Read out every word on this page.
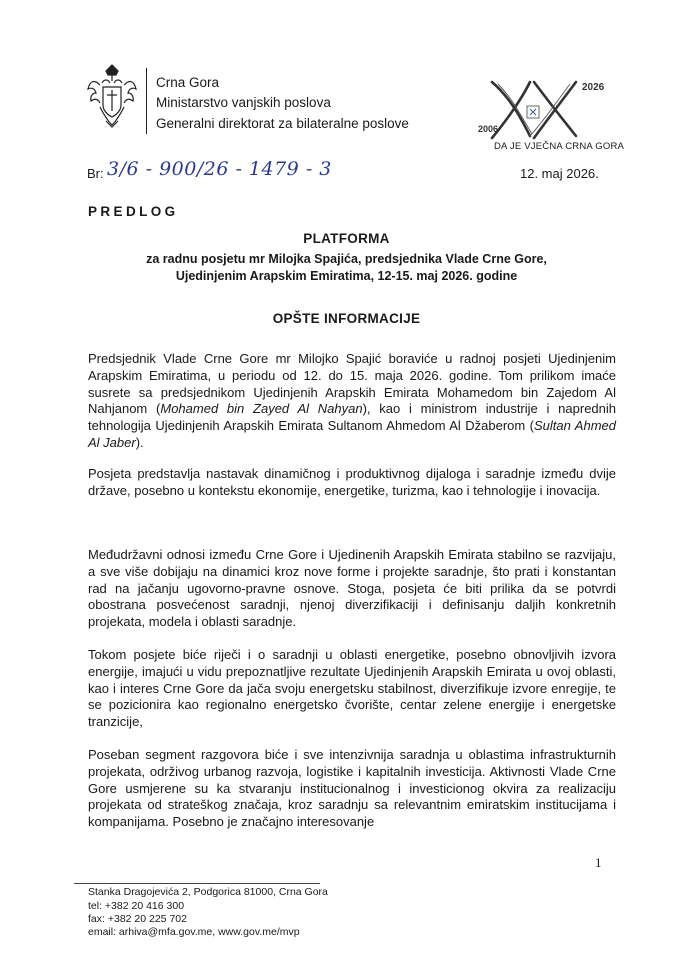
Crna Gora
Ministarstvo vanjskih poslova
Generalni direktorat za bilateralne poslove
2026
2006
DA JE VJEČNA CRNA GORA
Br: 3/6 - 900/26 - 1479 - 3	12. maj 2026.
PREDLOG
PLATFORMA
za radnu posjetu mr Milojka Spajića, predsjednika Vlade Crne Gore,
Ujedinjenim Arapskim Emiratima, 12-15. maj 2026. godine
OPŠTE INFORMACIJE
Predsjednik Vlade Crne Gore mr Milojko Spajić boraviće u radnoj posjeti Ujedinjenim Arapskim Emiratima, u periodu od 12. do 15. maja 2026. godine. Tom prilikom imaće susrete sa predsjednikom Ujedinjenih Arapskih Emirata Mohamedom bin Zajedom Al Nahjanom (Mohamed bin Zayed Al Nahyan), kao i ministrom industrije i naprednih tehnologija Ujedinjenih Arapskih Emirata Sultanom Ahmedom Al Džaberom (Sultan Ahmed Al Jaber).
Posjeta predstavlja nastavak dinamičnog i produktivnog dijaloga i saradnje između dvije države, posebno u kontekstu ekonomije, energetike, turizma, kao i tehnologije i inovacija.
Međudržavni odnosi između Crne Gore i Ujedinenih Arapskih Emirata stabilno se razvijaju, a sve više dobijaju na dinamici kroz nove forme i projekte saradnje, što prati i konstantan rad na jačanju ugovorno-pravne osnove. Stoga, posjeta će biti prilika da se potvrdi obostrana posvećenost saradnji, njenoj diverzifikaciji i definisanju daljih konkretnih projekata, modela i oblasti saradnje.
Tokom posjete biće riječi i o saradnji u oblasti energetike, posebno obnovljivih izvora energije, imajući u vidu prepoznatljive rezultate Ujedinjenih Arapskih Emirata u ovoj oblasti, kao i interes Crne Gore da jača svoju energetsku stabilnost, diverzifikuje izvore enregije, te se pozicionira kao regionalno energetsko čvorište, centar zelene energije i energetske tranzicije,
Poseban segment razgovora biće i sve intenzivnija saradnja u oblastima infrastrukturnih projekata, održivog urbanog razvoja, logistike i kapitalnih investicija. Aktivnosti Vlade Crne Gore usmjerene su ka stvaranju institucionalnog i investicionog okvira za realizaciju projekata od strateškog značaja, kroz saradnju sa relevantnim emiratskim institucijama i kompanijama. Posebno je značajno interesovanje
1
Stanka Dragojevića 2, Podgorica 81000, Crna Gora
tel: +382 20 416 300
fax: +382 20 225 702
email: arhiva@mfa.gov.me, www.gov.me/mvp
